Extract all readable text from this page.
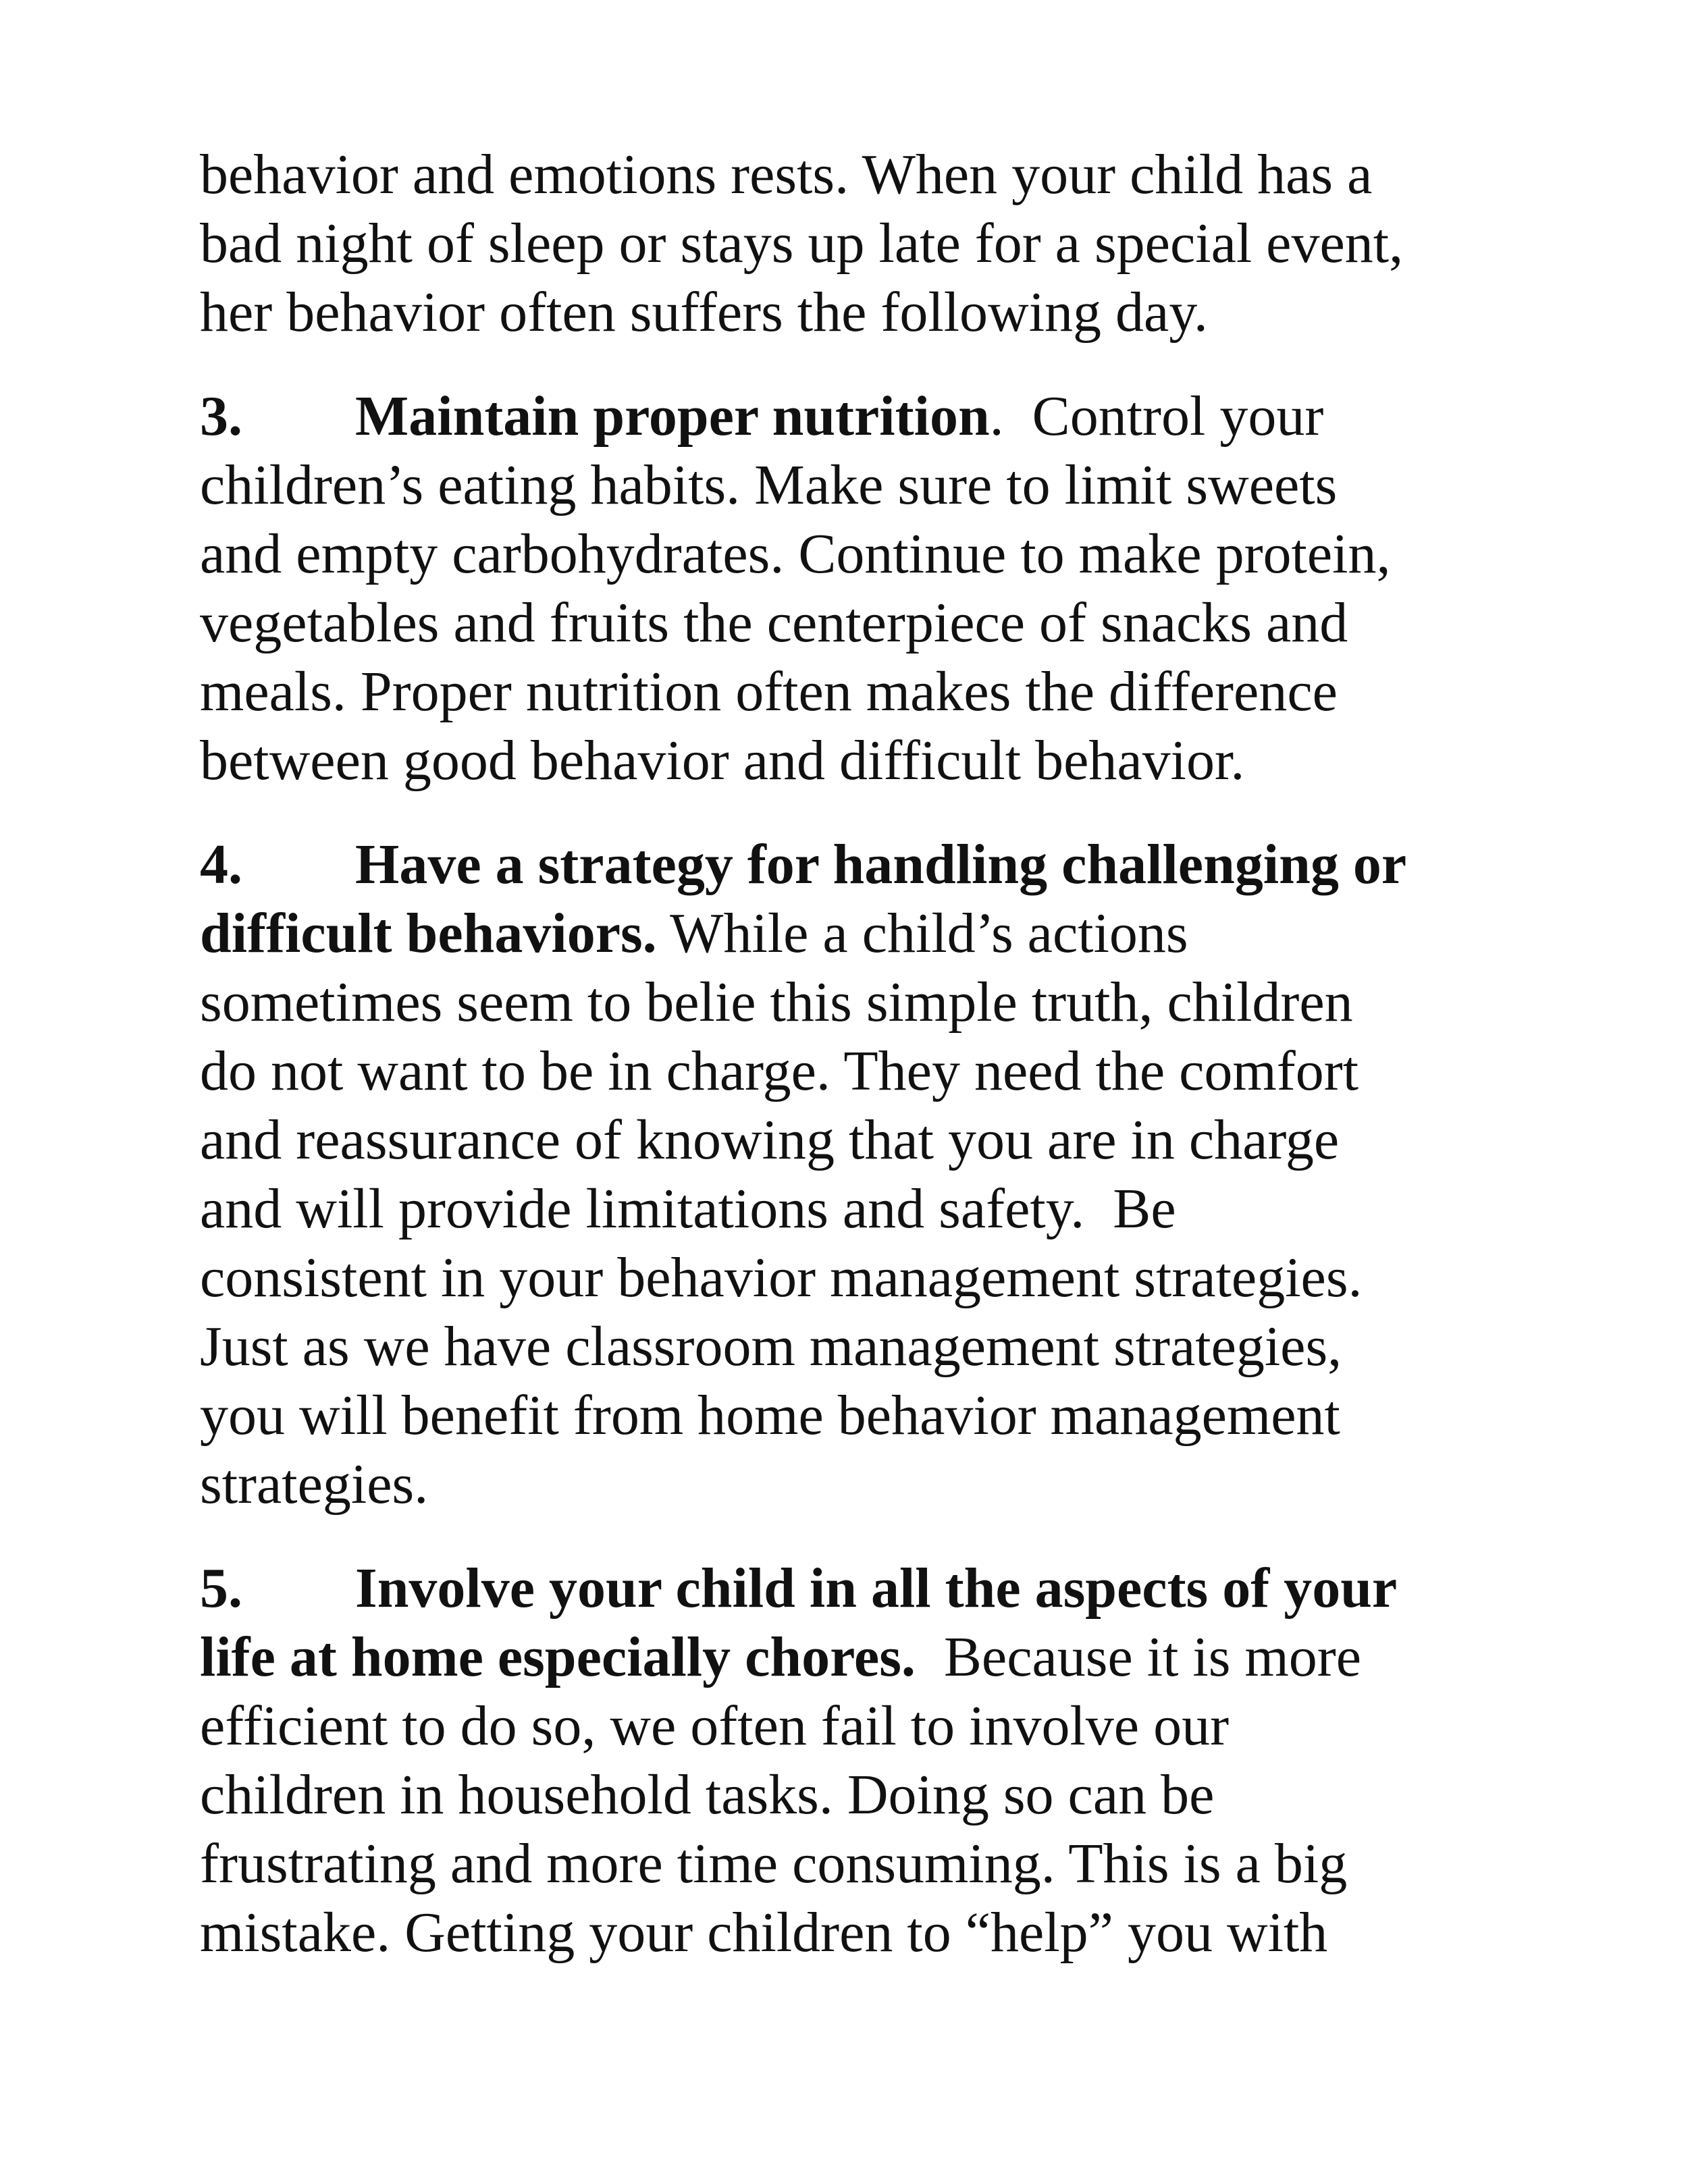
behavior and emotions rests. When your child has a
bad night of sleep or stays up late for a special event,
her behavior often suffers the following day.
3. Maintain proper nutrition.  Control your
children’s eating habits. Make sure to limit sweets
and empty carbohydrates. Continue to make protein,
vegetables and fruits the centerpiece of snacks and
meals. Proper nutrition often makes the difference
between good behavior and difficult behavior.
4. Have a strategy for handling challenging or
difficult behaviors. While a child’s actions
sometimes seem to belie this simple truth, children
do not want to be in charge. They need the comfort
and reassurance of knowing that you are in charge
and will provide limitations and safety.  Be
consistent in your behavior management strategies.
Just as we have classroom management strategies,
you will benefit from home behavior management
strategies.
5. Involve your child in all the aspects of your
life at home especially chores.  Because it is more
efficient to do so, we often fail to involve our
children in household tasks. Doing so can be
frustrating and more time consuming. This is a big
mistake. Getting your children to “help” you with
